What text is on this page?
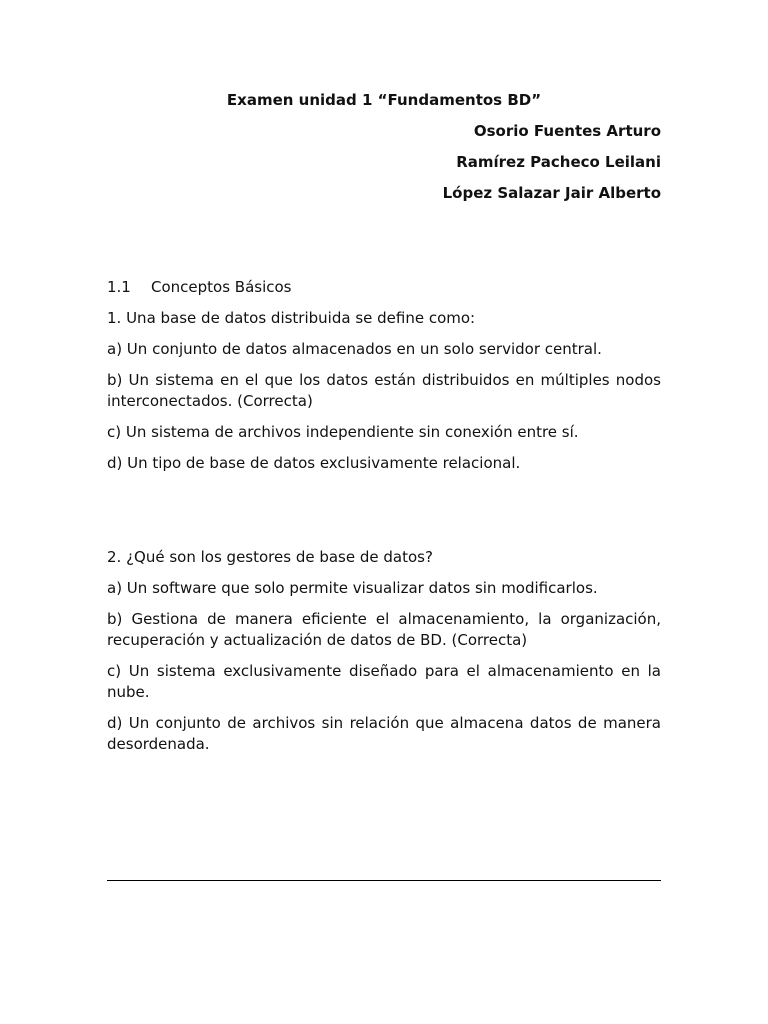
Examen unidad 1 “Fundamentos BD”
Osorio Fuentes Arturo
Ramírez Pacheco Leilani
López Salazar Jair Alberto
1.1 Conceptos Básicos

1. Una base de datos distribuida se define como:

a) Un conjunto de datos almacenados en un solo servidor central.

b) Un sistema en el que los datos están distribuidos en múltiples nodos interconectados. (Correcta)

c) Un sistema de archivos independiente sin conexión entre sí.

d) Un tipo de base de datos exclusivamente relacional.

2. ¿Qué son los gestores de base de datos?

a) Un software que solo permite visualizar datos sin modificarlos.

b) Gestiona de manera eficiente el almacenamiento, la organización, recuperación y actualización de datos de BD. (Correcta)

c) Un sistema exclusivamente diseñado para el almacenamiento en la nube.

d) Un conjunto de archivos sin relación que almacena datos de manera desordenada.
